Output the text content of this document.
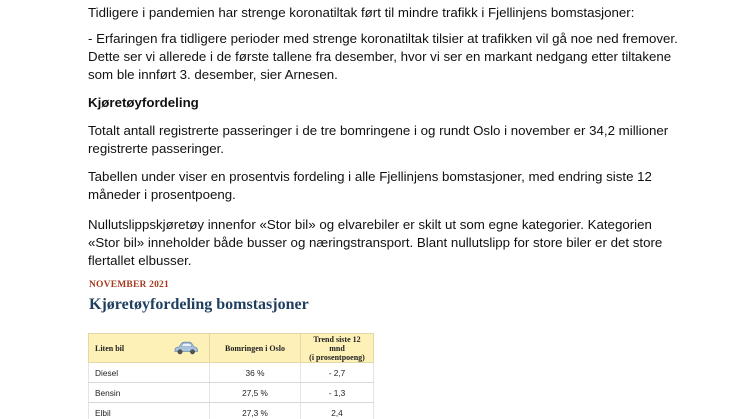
Tidligere i pandemien har strenge koronatiltak ført til mindre trafikk i Fjellinjens bomstasjoner:

- Erfaringen fra tidligere perioder med strenge koronatiltak tilsier at trafikken vil gå noe ned fremover. Dette ser vi allerede i de første tallene fra desember, hvor vi ser en markant nedgang etter tiltakene som ble innført 3. desember, sier Arnesen.

Kjøretøyfordeling

Totalt antall registrerte passeringer i de tre bomringene i og rundt Oslo i november er 34,2 millioner registrerte passeringer.

Tabellen under viser en prosentvis fordeling i alle Fjellinjens bomstasjoner, med endring siste 12 måneder i prosentpoeng.

Nullutslippskjøretøy innenfor «Stor bil» og elvarebiler er skilt ut som egne kategorier. Kategorien «Stor bil» inneholder både busser og næringstransport. Blant nullutslipp for store biler er det store flertallet elbusser.

NOVEMBER 2021
Kjøretøyfordeling bomstasjoner
Liten bil	Bomringen i Oslo	Trend siste 12 mnd
(i prosentpoeng)
Diesel	36 %	- 2,7
Bensin	27,5 %	- 1,3
Elbil	27,3 %	2,4
